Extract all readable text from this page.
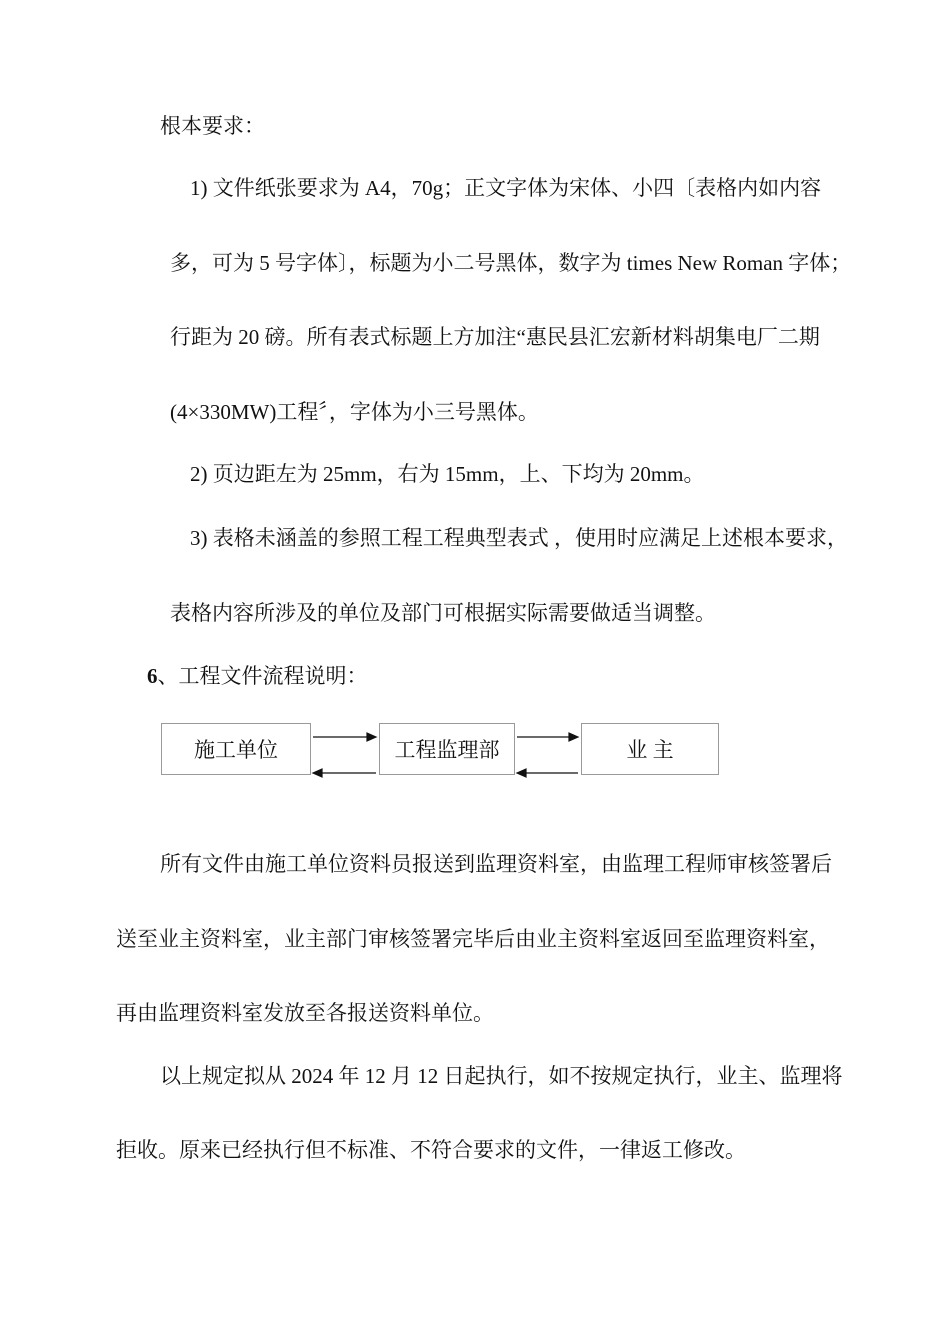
根本要求：
1) 文件纸张要求为 A4，70g；正文字体为宋体、小四〔表格内如内容
多，可为 5 号字体〕，标题为小二号黑体，数字为 times New Roman 字体；
行距为 20 磅。所有表式标题上方加注“惠民县汇宏新材料胡集电厂二期
(4×330MW)工程〞，字体为小三号黑体。
2) 页边距左为 25mm，右为 15mm，上、下均为 20mm。
3) 表格未涵盖的参照工程工程典型表式 ，使用时应满足上述根本要求，
表格内容所涉及的单位及部门可根据实际需要做适当调整。
6、工程文件流程说明：
施工单位	工程监理部	业 主
所有文件由施工单位资料员报送到监理资料室，由监理工程师审核签署后
送至业主资料室，业主部门审核签署完毕后由业主资料室返回至监理资料室，
再由监理资料室发放至各报送资料单位。
以上规定拟从 2024 年 12 月 12 日起执行，如不按规定执行，业主、监理将
拒收。原来已经执行但不标准、不符合要求的文件，一律返工修改。
